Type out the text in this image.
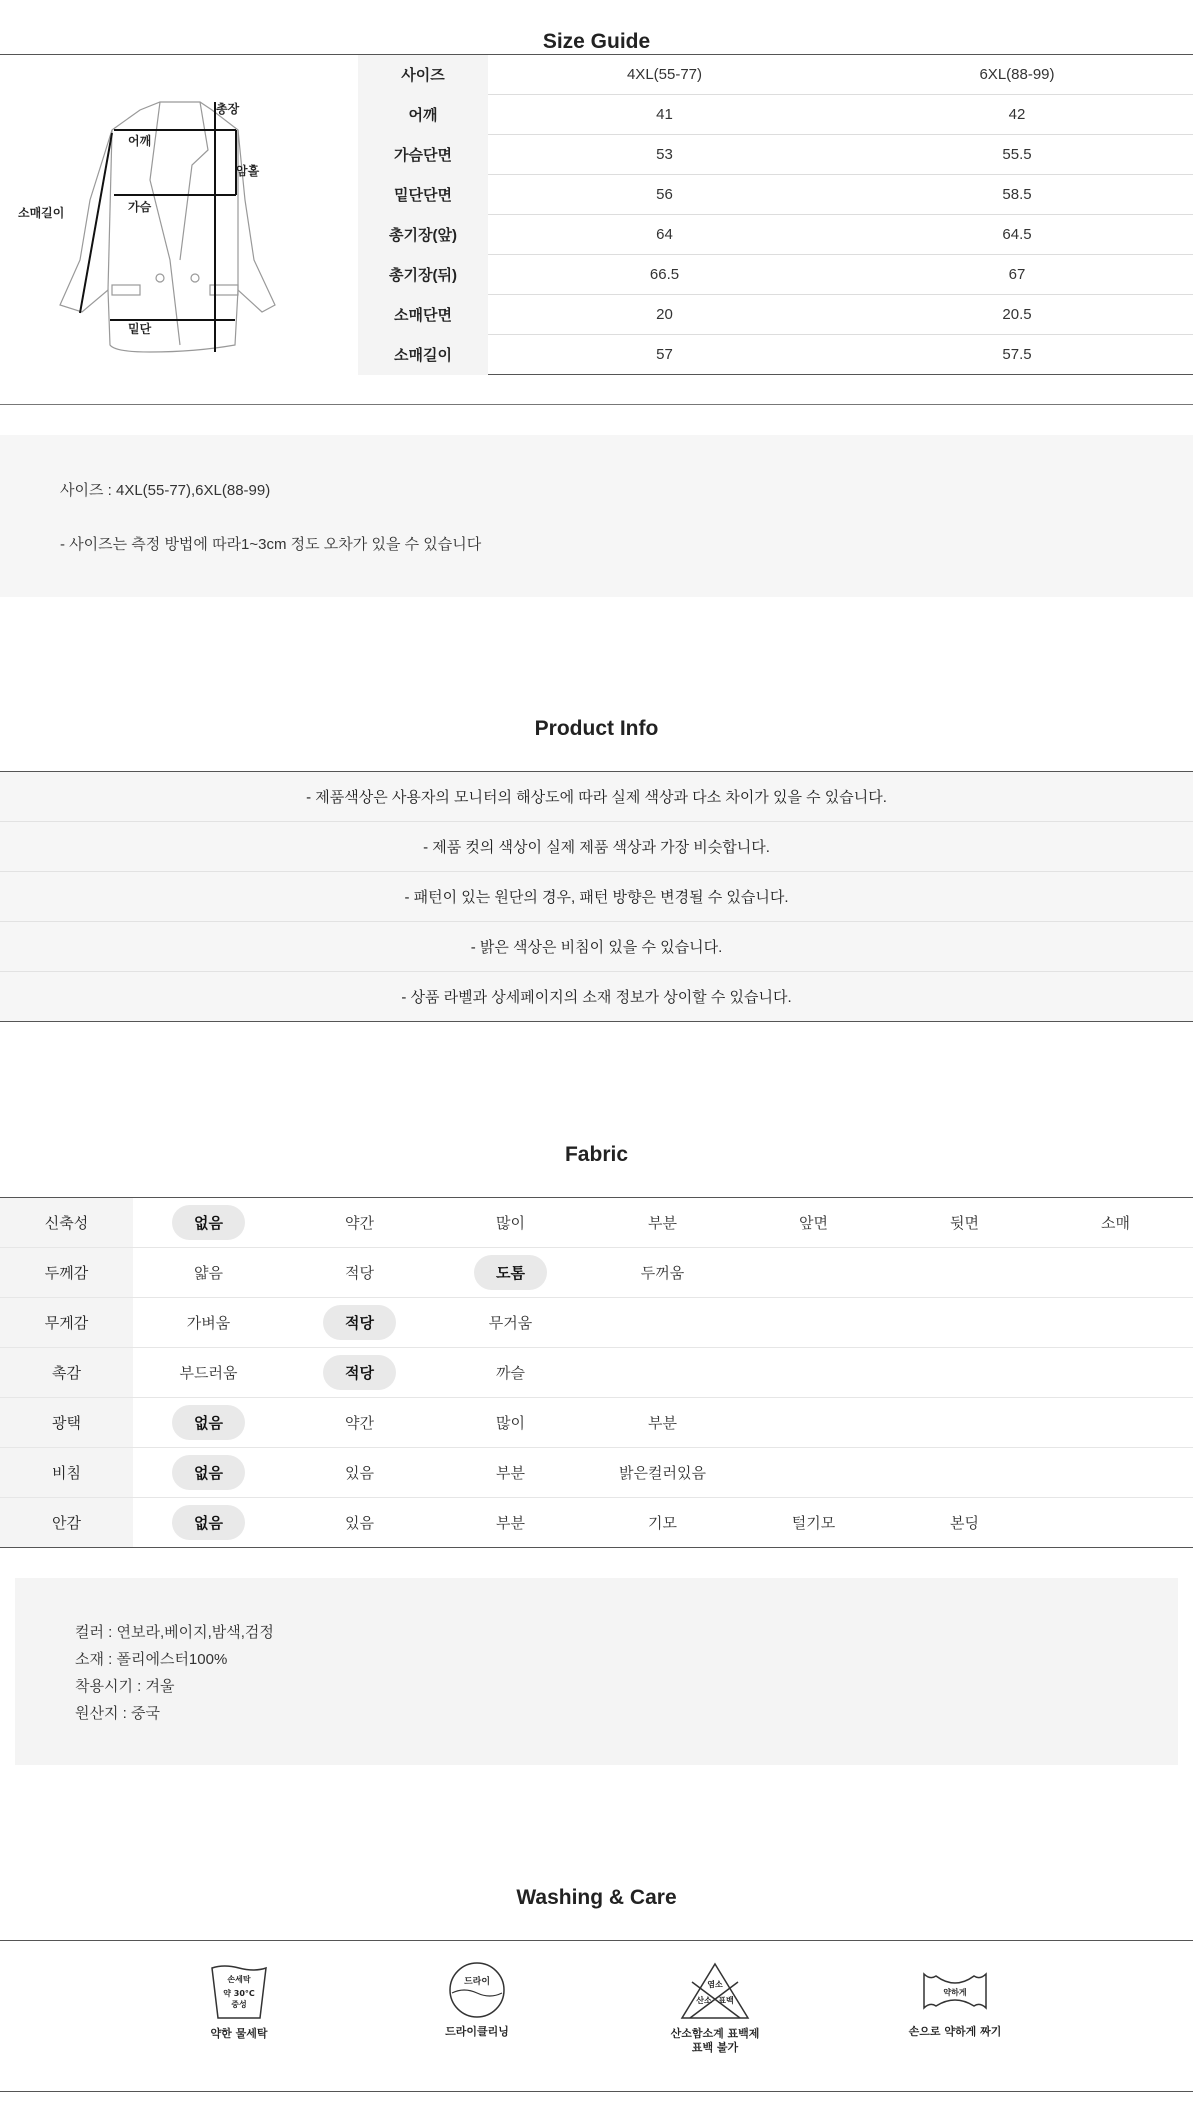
Size Guide
총장
어깨
암홀
소매길이	가슴
밑단
사이즈	4XL(55-77)	6XL(88-99)
어깨	41	42
가슴단면	53	55.5
밑단단면	56	58.5
총기장(앞)	64	64.5
총기장(뒤)	66.5	67
소매단면	20	20.5
소매길이	57	57.5

사이즈 : 4XL(55-77),6XL(88-99)

- 사이즈는 측정 방법에 따라1~3cm 정도 오차가 있을 수 있습니다

Product Info
- 제품색상은 사용자의 모니터의 해상도에 따라 실제 색상과 다소 차이가 있을 수 있습니다.
- 제품 컷의 색상이 실제 제품 색상과 가장 비슷합니다.
- 패턴이 있는 원단의 경우, 패턴 방향은 변경될 수 있습니다.
- 밝은 색상은 비침이 있을 수 있습니다.
- 상품 라벨과 상세페이지의 소재 정보가 상이할 수 있습니다.
Fabric
신축성	없음	약간	많이	부분	앞면	뒷면	소매
두께감	얇음	적당	도톰	두꺼움
무게감	가벼움	적당	무거움
촉감	부드러움	적당	까슬
광택	없음	약간	많이	부분
비침	없음	있음	부분	밝은컬러있음
안감	없음	있음	부분	기모	털기모	본딩

컬러 : 연보라,베이지,밤색,검정

소재 : 폴리에스터100%

착용시기 : 겨울

원산지 : 중국

Washing & Care
손세탁
약 30°C
중성
약한 물세탁
드라이
드라이클리닝
염소
산소 표백
산소함소계 표백제
표백 불가
약하게
손으로 약하게 짜기
